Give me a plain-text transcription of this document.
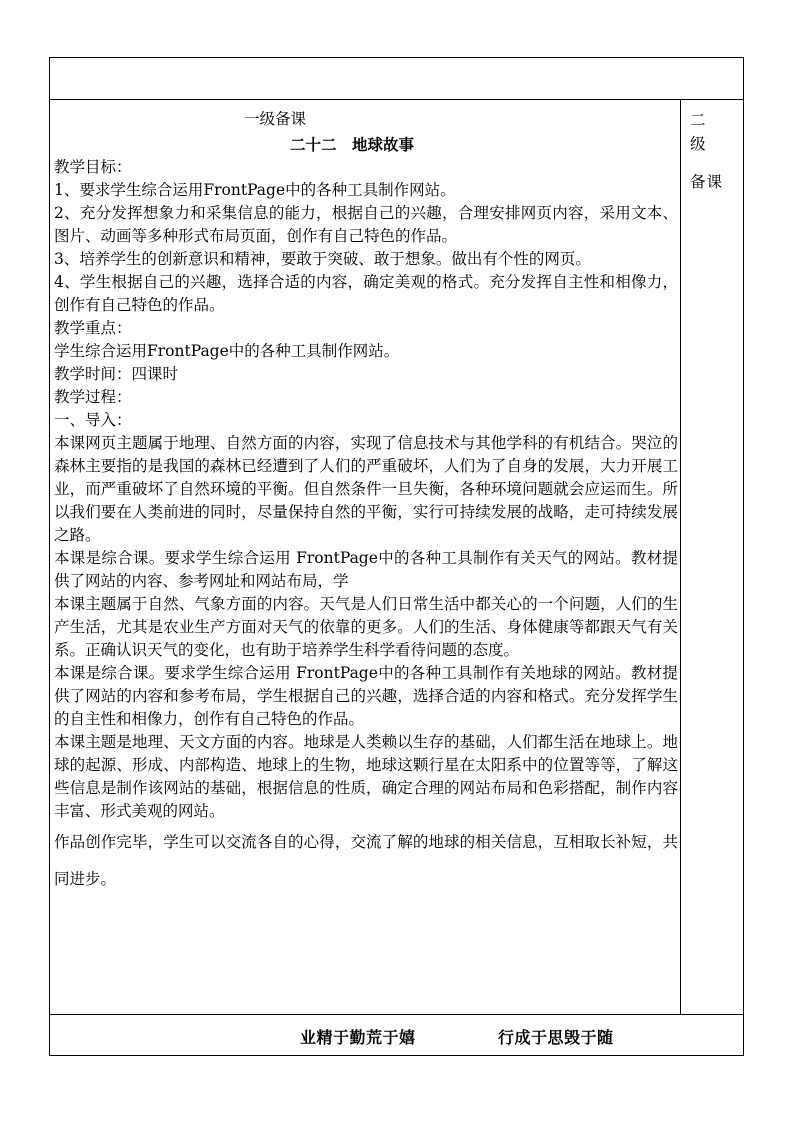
一级备课
二十二　地球故事

教学目标：

1、要求学生综合运用FrontPage中的各种工具制作网站。

2、充分发挥想象力和采集信息的能力，根据自己的兴趣，合理安排网页内容，采用文本、图片、动画等多种形式布局页面，创作有自己特色的作品。

3、培养学生的创新意识和精神，要敢于突破、敢于想象。做出有个性的网页。

4、学生根据自己的兴趣，选择合适的内容，确定美观的格式。充分发挥自主性和相像力，创作有自己特色的作品。

教学重点：

学生综合运用FrontPage中的各种工具制作网站。

教学时间：四课时

教学过程：

一、导入：

本课网页主题属于地理、自然方面的内容，实现了信息技术与其他学科的有机结合。哭泣的森林主要指的是我国的森林已经遭到了人们的严重破坏，人们为了自身的发展，大力开展工业，而严重破坏了自然环境的平衡。但自然条件一旦失衡，各种环境问题就会应运而生。所以我们要在人类前进的同时，尽量保持自然的平衡，实行可持续发展的战略，走可持续发展之路。

本课是综合课。要求学生综合运用 FrontPage中的各种工具制作有关天气的网站。教材提供了网站的内容、参考网址和网站布局，学

本课主题属于自然、气象方面的内容。天气是人们日常生活中都关心的一个问题，人们的生产生活，尤其是农业生产方面对天气的依靠的更多。人们的生活、身体健康等都跟天气有关系。正确认识天气的变化，也有助于培养学生科学看待问题的态度。

本课是综合课。要求学生综合运用 FrontPage中的各种工具制作有关地球的网站。教材提供了网站的内容和参考布局，学生根据自己的兴趣，选择合适的内容和格式。充分发挥学生的自主性和相像力，创作有自己特色的作品。

本课主题是地理、天文方面的内容。地球是人类赖以生存的基础，人们都生活在地球上。地球的起源、形成、内部构造、地球上的生物，地球这颗行星在太阳系中的位置等等，了解这些信息是制作该网站的基础，根据信息的性质，确定合理的网站布局和色彩搭配，制作内容丰富、形式美观的网站。

作品创作完毕，学生可以交流各自的心得，交流了解的地球的相关信息，互相取长补短，共同进步。

二级
备课
业精于勤荒于嬉	行成于思毁于随
